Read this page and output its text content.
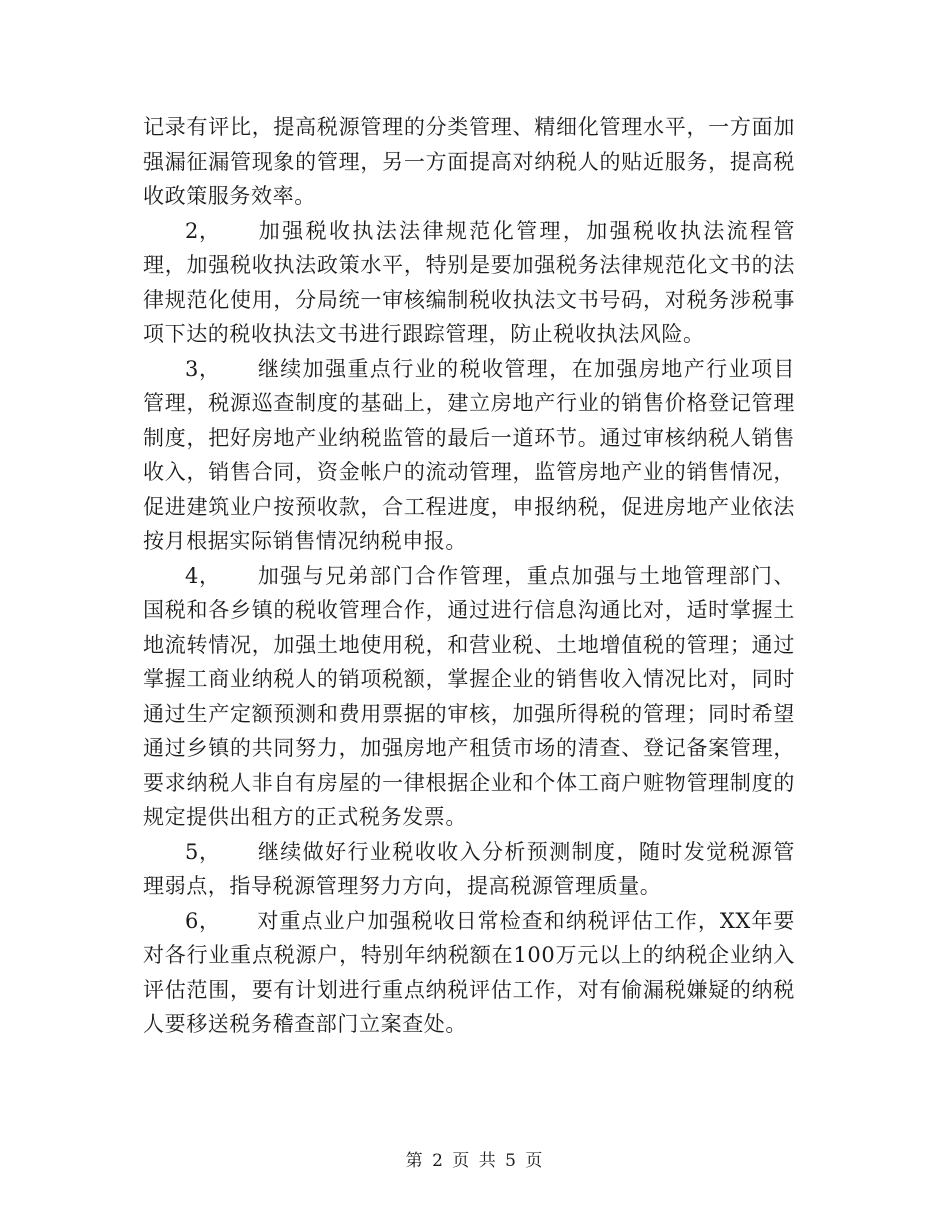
记录有评比，提高税源管理的分类管理、精细化管理水平，一方面加强漏征漏管现象的管理，另一方面提高对纳税人的贴近服务，提高税收政策服务效率。

2， 加强税收执法法律规范化管理，加强税收执法流程管理，加强税收执法政策水平，特别是要加强税务法律规范化文书的法律规范化使用，分局统一审核编制税收执法文书号码，对税务涉税事项下达的税收执法文书进行跟踪管理，防止税收执法风险。

3， 继续加强重点行业的税收管理，在加强房地产行业项目管理，税源巡查制度的基础上，建立房地产行业的销售价格登记管理制度，把好房地产业纳税监管的最后一道环节。通过审核纳税人销售收入，销售合同，资金帐户的流动管理，监管房地产业的销售情况，促进建筑业户按预收款，合工程进度，申报纳税，促进房地产业依法按月根据实际销售情况纳税申报。

4， 加强与兄弟部门合作管理，重点加强与土地管理部门、国税和各乡镇的税收管理合作，通过进行信息沟通比对，适时掌握土地流转情况，加强土地使用税，和营业税、土地增值税的管理；通过掌握工商业纳税人的销项税额，掌握企业的销售收入情况比对，同时通过生产定额预测和费用票据的审核，加强所得税的管理；同时希望通过乡镇的共同努力，加强房地产租赁市场的清查、登记备案管理，要求纳税人非自有房屋的一律根据企业和个体工商户赃物管理制度的规定提供出租方的正式税务发票。

5， 继续做好行业税收收入分析预测制度，随时发觉税源管理弱点，指导税源管理努力方向，提高税源管理质量。

6， 对重点业户加强税收日常检查和纳税评估工作，XX年要对各行业重点税源户，特别年纳税额在100万元以上的纳税企业纳入评估范围，要有计划进行重点纳税评估工作，对有偷漏税嫌疑的纳税人要移送税务稽查部门立案查处。

第 2 页 共 5 页
